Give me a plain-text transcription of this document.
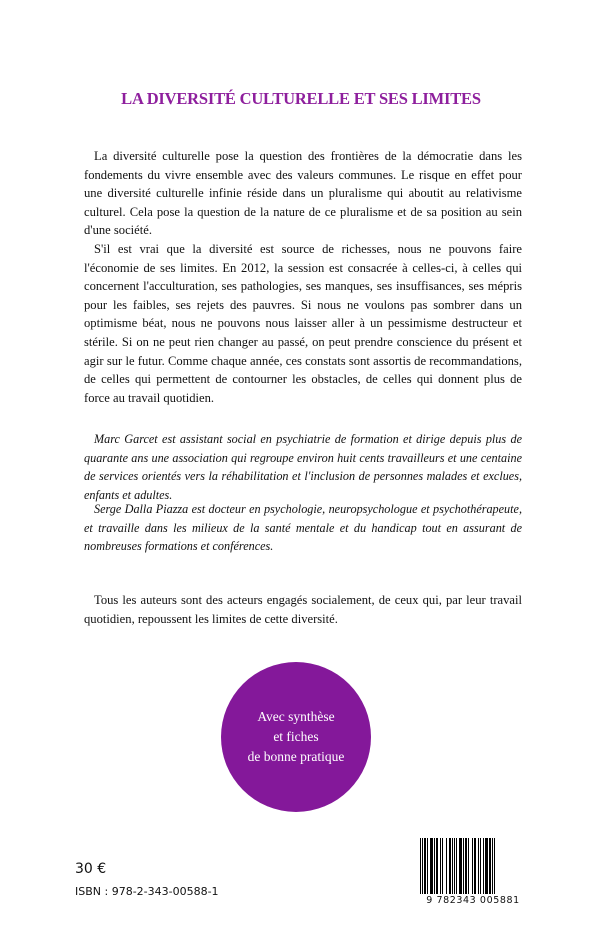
LA DIVERSITÉ CULTURELLE ET SES LIMITES

La diversité culturelle pose la question des frontières de la démocratie dans les fondements du vivre ensemble avec des valeurs communes. Le risque en effet pour une diversité culturelle infinie réside dans un pluralisme qui aboutit au relativisme culturel. Cela pose la question de la nature de ce pluralisme et de sa position au sein d'une société.

S'il est vrai que la diversité est source de richesses, nous ne pouvons faire l'économie de ses limites. En 2012, la session est consacrée à celles-ci, à celles qui concernent l'acculturation, ses pathologies, ses manques, ses insuffisances, ses mépris pour les faibles, ses rejets des pauvres. Si nous ne voulons pas sombrer dans un optimisme béat, nous ne pouvons nous laisser aller à un pessimisme destructeur et stérile. Si on ne peut rien changer au passé, on peut prendre conscience du présent et agir sur le futur. Comme chaque année, ces constats sont assortis de recommandations, de celles qui permettent de contourner les obstacles, de celles qui donnent plus de force au travail quotidien.

Marc Garcet est assistant social en psychiatrie de formation et dirige depuis plus de quarante ans une association qui regroupe environ huit cents travailleurs et une centaine de services orientés vers la réhabilitation et l'inclusion de personnes malades et exclues, enfants et adultes.

Serge Dalla Piazza est docteur en psychologie, neuropsychologue et psychothérapeute, et travaille dans les milieux de la santé mentale et du handicap tout en assurant de nombreuses formations et conférences.

Tous les auteurs sont des acteurs engagés socialement, de ceux qui, par leur travail quotidien, repoussent les limites de cette diversité.

Avec synthèse
et fiches
de bonne pratique
30 €
ISBN : 978-2-343-00588-1
9 782343 005881
